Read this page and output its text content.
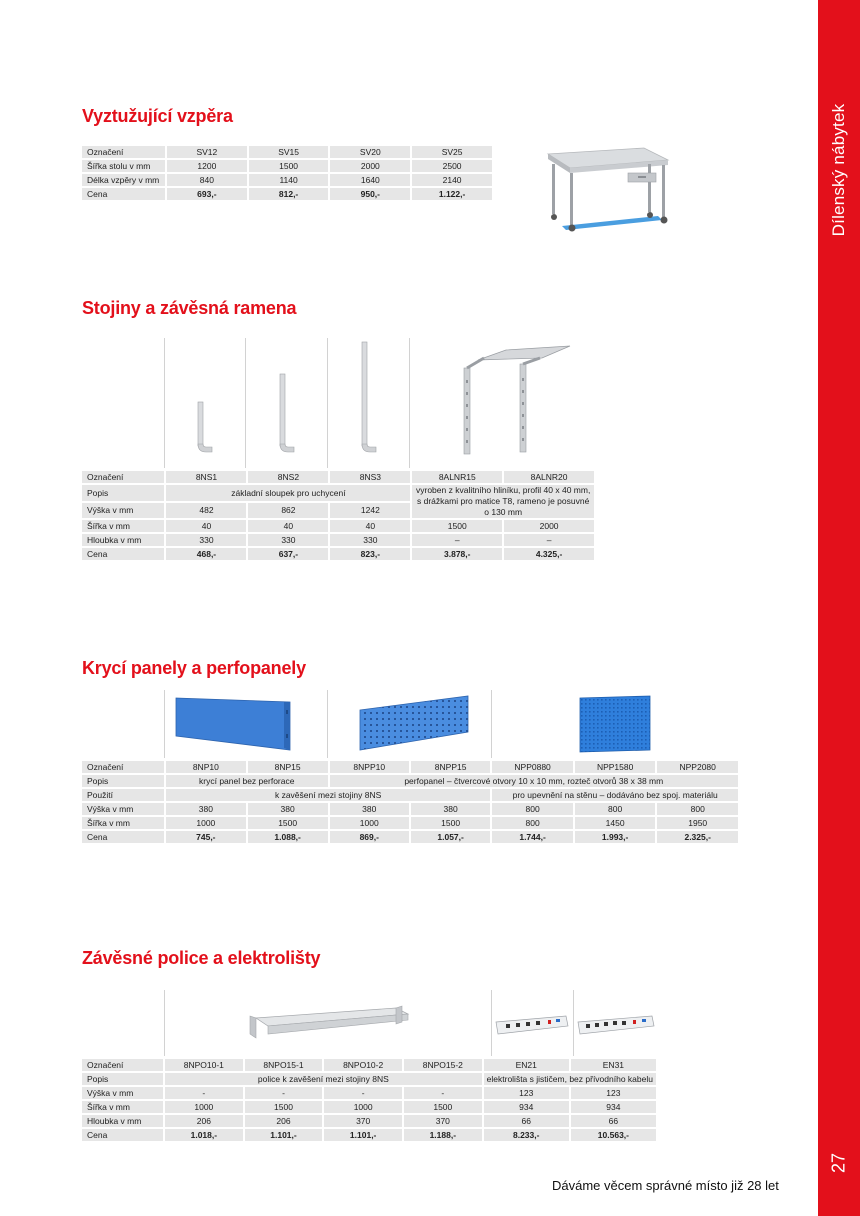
Dílenský nábytek
27
Dáváme věcem správné místo již 28 let
Vyztužující vzpěra
Označení	SV12	SV15	SV20	SV25
Šířka stolu v mm	1200	1500	2000	2500
Délka vzpěry v mm	840	1140	1640	2140
Cena	693,-	812,-	950,-	1.122,-
Stojiny a závěsná ramena
Označení	8NS1	8NS2	8NS3	8ALNR15	8ALNR20
Popis	základní sloupek pro uchycení			vyroben z kvalitního hliníku, profil 40 x 40 mm, s drážkami pro matice T8, rameno je posuvné o 130 mm	
Výška v mm	482	862	1242		
Šířka v mm	40	40	40	1500	2000
Hloubka v mm	330	330	330	–	–
Cena	468,-	637,-	823,-	3.878,-	4.325,-
Krycí panely a perfopanely
Označení	8NP10	8NP15	8NPP10	8NPP15	NPP0880	NPP1580	NPP2080
Popis	krycí panel bez perforace		perfopanel – čtvercové otvory 10 x 10 mm, rozteč otvorů 38 x 38 mm				
Použití	k zavěšení mezi stojiny 8NS				pro upevnění na stěnu – dodáváno bez spoj. materiálu		
Výška v mm	380	380	380	380	800	800	800
Šířka v mm	1000	1500	1000	1500	800	1450	1950
Cena	745,-	1.088,-	869,-	1.057,-	1.744,-	1.993,-	2.325,-
Závěsné police a elektrolišty
Označení	8NPO10-1	8NPO15-1	8NPO10-2	8NPO15-2	EN21	EN31
Popis	police k zavěšení mezi stojiny 8NS				elektrolišta s jističem, bez přívodního kabelu	
Výška v mm	-	-	-	-	123	123
Šířka v mm	1000	1500	1000	1500	934	934
Hloubka v mm	206	206	370	370	66	66
Cena	1.018,-	1.101,-	1.101,-	1.188,-	8.233,-	10.563,-
